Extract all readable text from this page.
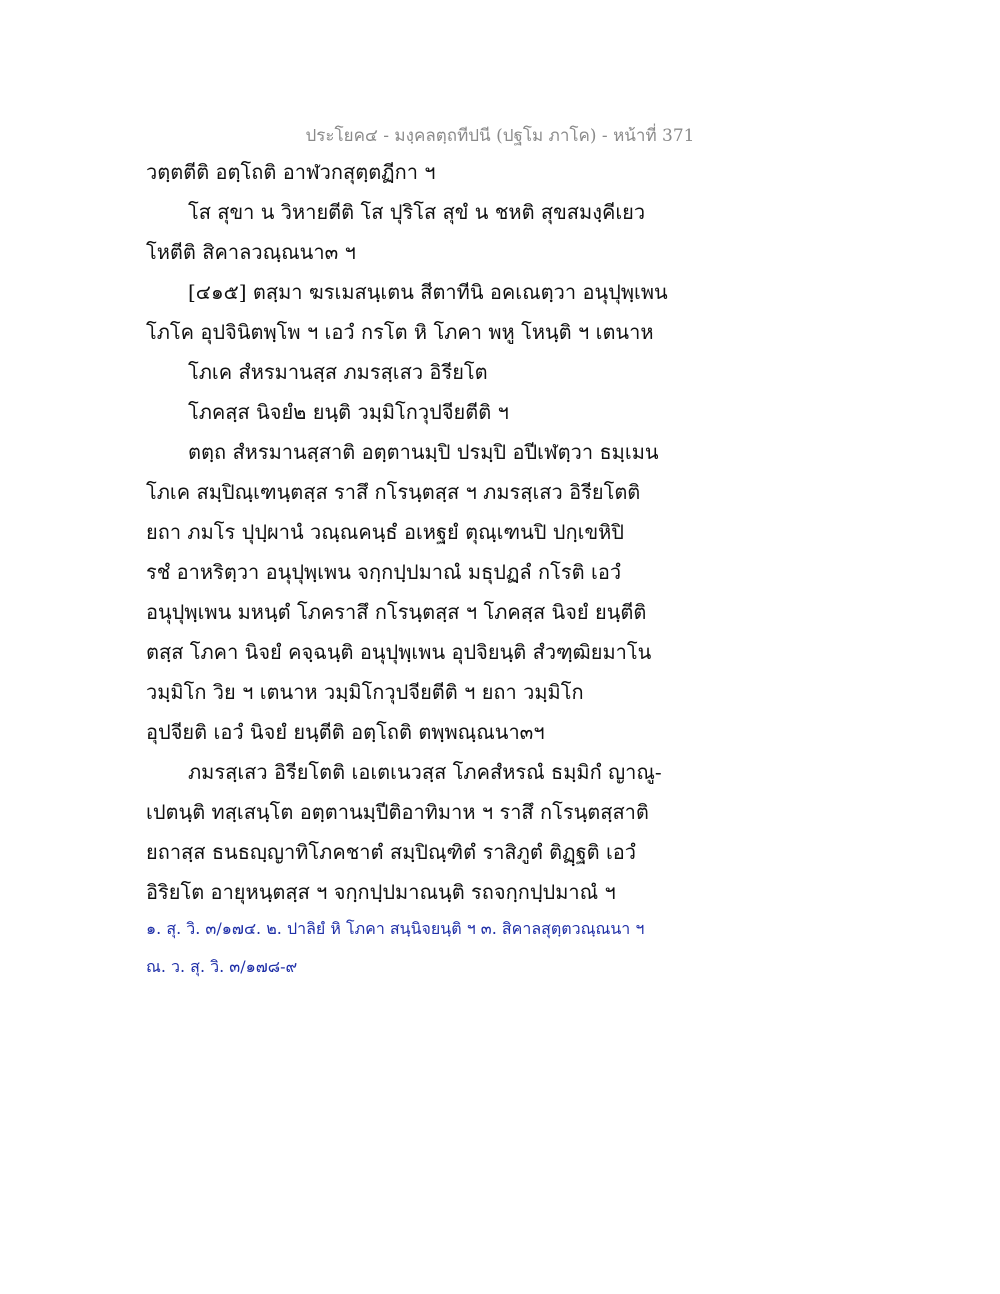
ประโยค๔ - มงฺคลตฺถทีปนี (ปฐโม ภาโค) - หน้าที่ 371
วตฺตตีติ อตฺโถติ อาฬวกสุตฺตฏีกา ฯ
โส สุขา น วิหายตีติ โส ปุริโส สุขํ น ชหติ สุขสมงฺคีเยว
โหตีติ สิคาลวณฺณนา๓ ฯ
[๔๑๕] ตสฺมา ฆรเมสนฺเตน สีตาทีนิ อคเณตฺวา อนุปุพฺเพน
โภโค อุปจินิตพฺโพ ฯ เอวํ กรโต หิ โภคา พหู โหนฺติ ฯ เตนาห
โภเค สํหรมานสฺส ภมรสฺเสว อิรียโต
โภคสฺส นิจยํ๒ ยนฺติ วมฺมิโกวุปจียตีติ ฯ
ตตฺถ สํหรมานสฺสาติ อตฺตานมฺปิ ปรมฺปิ อปีเฬตฺวา ธมฺเมน
โภเค สมฺปิณฺเฑนฺตสฺส ราสึ กโรนฺตสฺส ฯ ภมรสฺเสว อิรียโตติ
ยถา ภมโร ปุปฺผานํ วณฺณคนฺธํ อเหฐยํ ตุณฺเฑนปิ ปกฺเขหิปิ
รชํ อาหริตฺวา อนุปุพฺเพน จกฺกปฺปมาณํ มธุปฏลํ กโรติ เอวํ
อนุปุพฺเพน มหนฺตํ โภคราสึ กโรนฺตสฺส ฯ โภคสฺส นิจยํ ยนฺตีติ
ตสฺส โภคา นิจยํ คจฺฉนฺติ อนุปุพฺเพน อุปจิยนฺติ สํวฑฺฒิยมาโน
วมฺมิโก วิย ฯ เตนาห วมฺมิโกวุปจียตีติ ฯ ยถา วมฺมิโก
อุปจียติ เอวํ นิจยํ ยนฺตีติ อตฺโถติ ตพฺพณฺณนา๓ฯ
ภมรสฺเสว อิรียโตติ เอเตเนวสฺส โภคสํหรณํ ธมฺมิกํ ญาณู-
เปตนฺติ ทสฺเสนฺโต อตฺตานมฺปีติอาทิมาห ฯ ราสึ กโรนฺตสฺสาติ
ยถาสฺส ธนธญฺญาทิโภคชาตํ สมฺปิณฺฑิตํ ราสิภูตํ ติฏฺฐติ เอวํ
อิริยโต อายุหนฺตสฺส ฯ จกฺกปฺปมาณนฺติ รถจกฺกปฺปมาณํ ฯ
๑. สุ. วิ. ๓/๑๗๔. ๒. ปาลิยํ หิ โภคา สนฺนิจยนฺติ ฯ ๓. สิคาลสุตฺตวณฺณนา ฯ
ณ. ว. สุ. วิ. ๓/๑๗๘-๙
